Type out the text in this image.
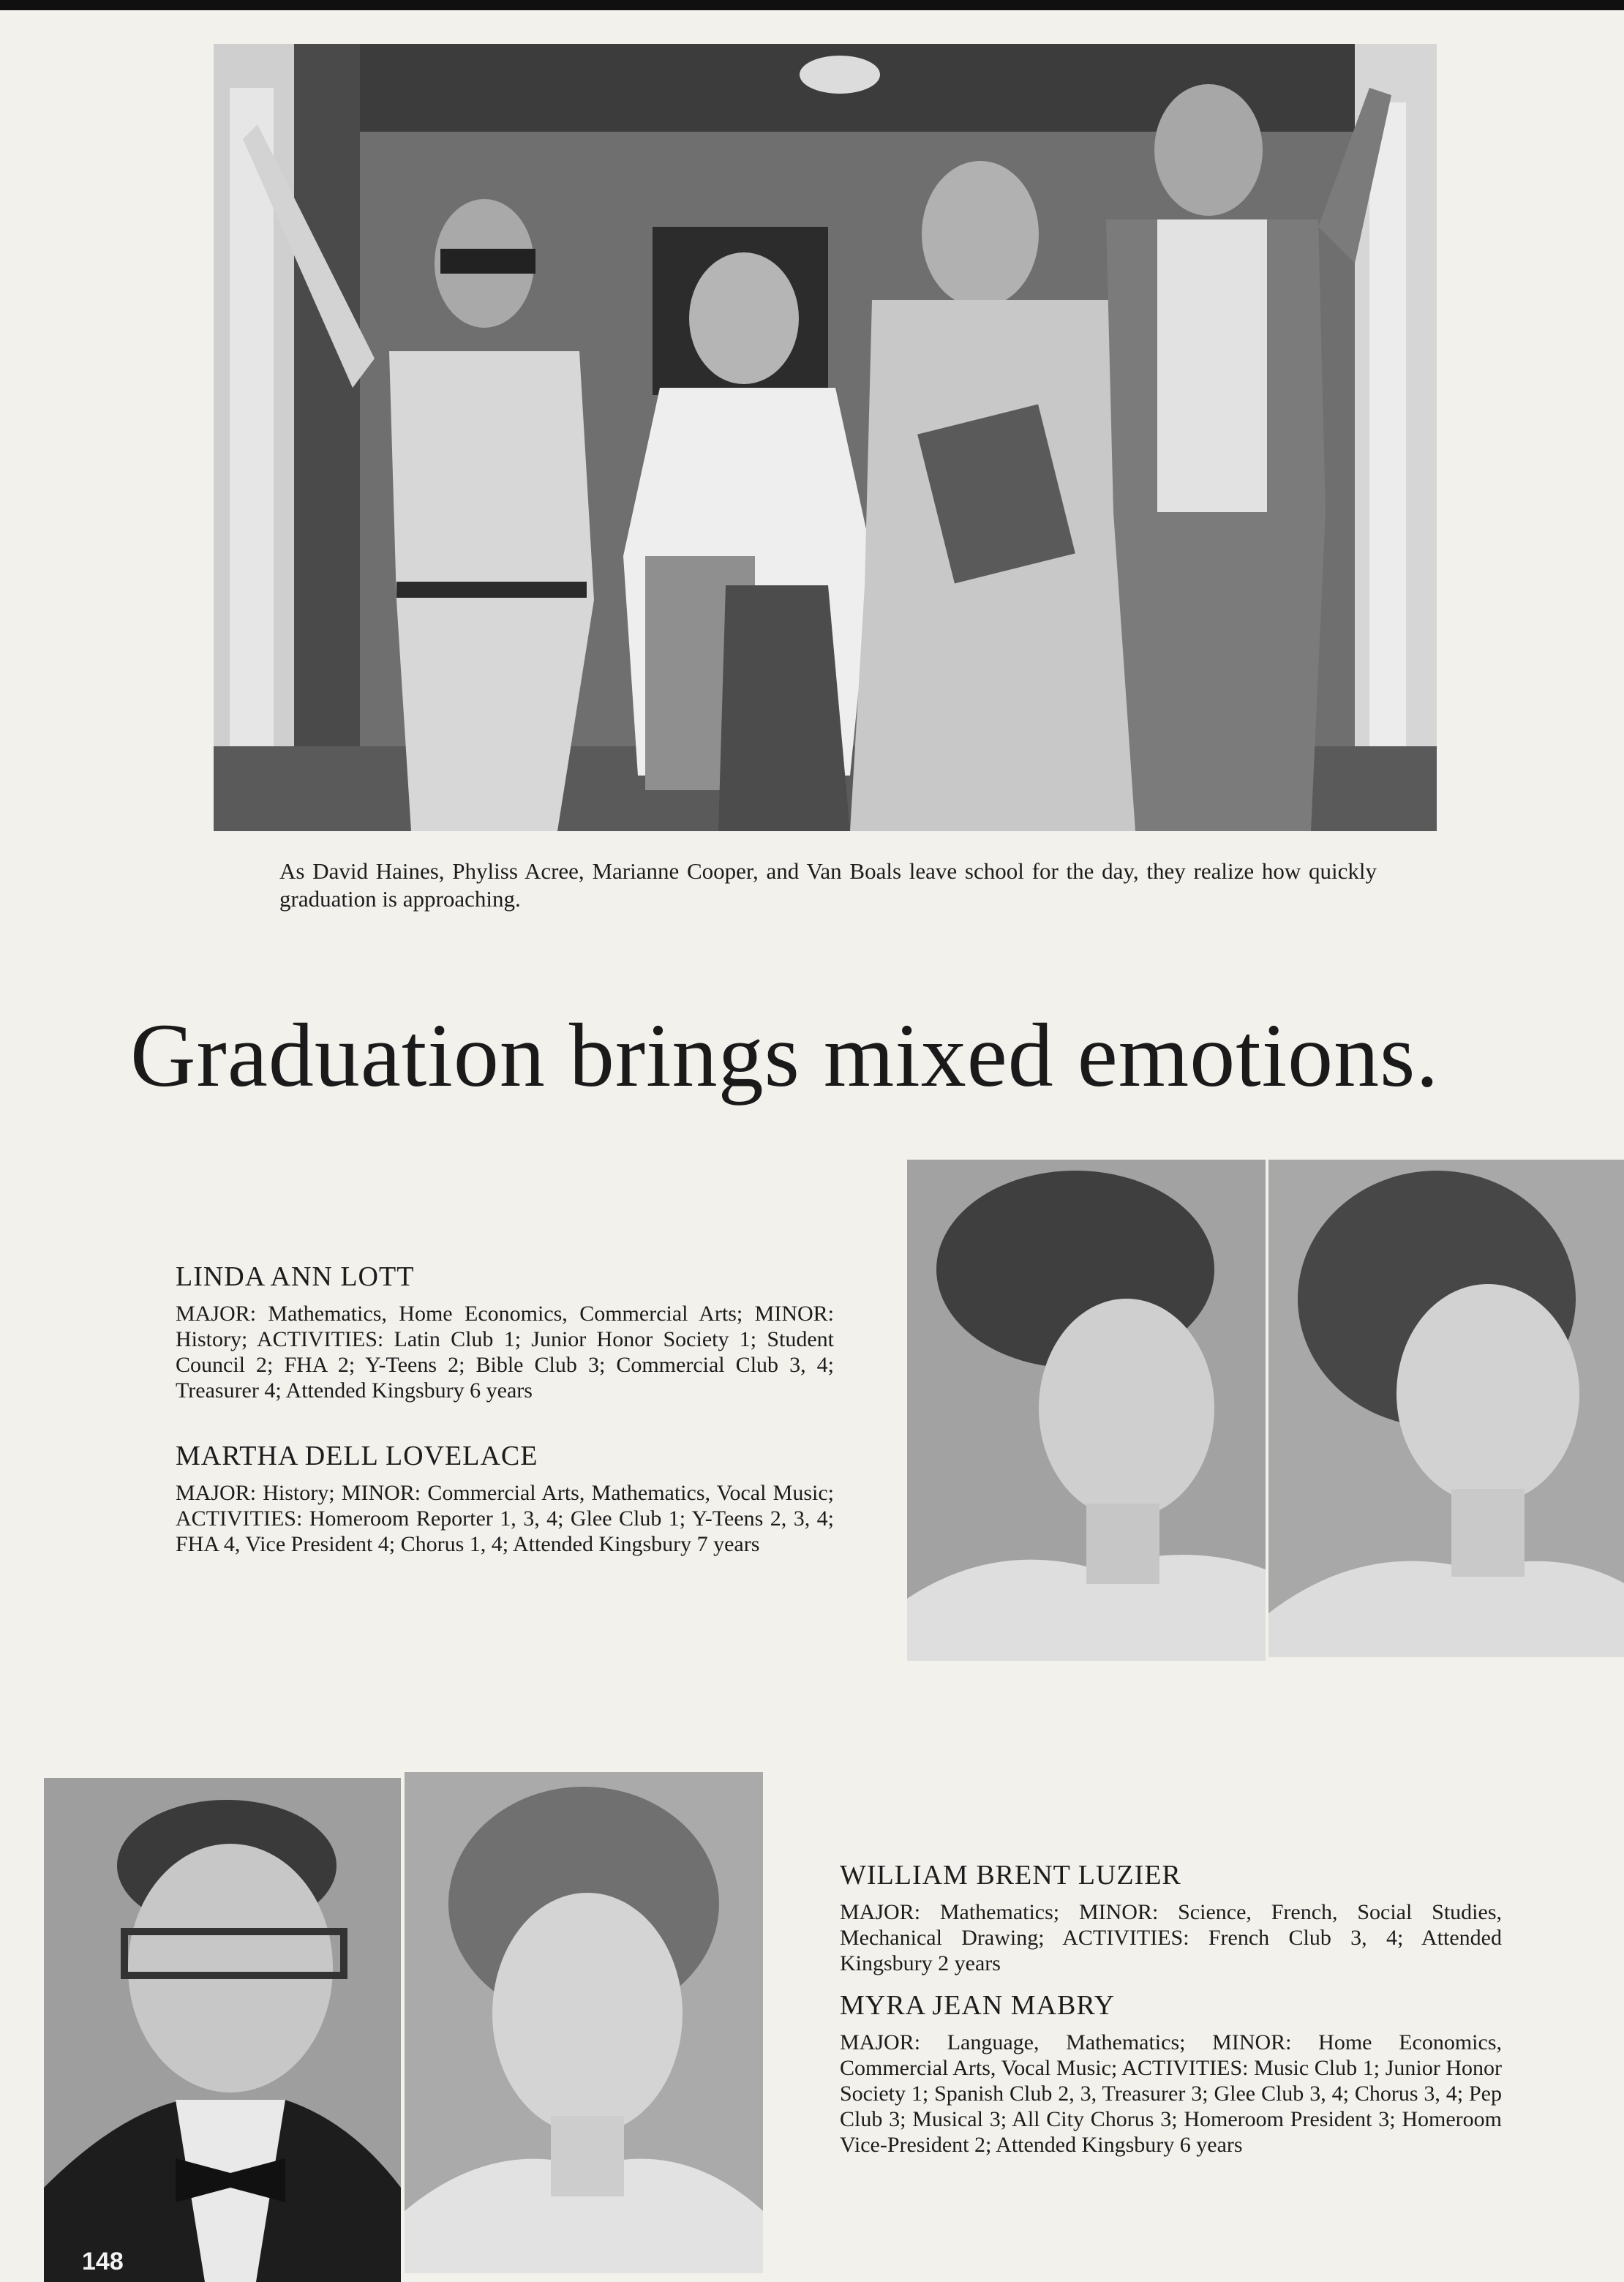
As David Haines, Phyliss Acree, Marianne Cooper, and Van Boals leave school for the day, they realize how quickly graduation is approaching.
Graduation brings mixed emotions.

LINDA ANN LOTT

MAJOR: Mathematics, Home Economics, Commercial Arts; MINOR: History; ACTIVITIES: Latin Club 1; Junior Honor Society 1; Student Council 2; FHA 2; Y-Teens 2; Bible Club 3; Commercial Club 3, 4; Treasurer 4; Attended Kingsbury 6 years

MARTHA DELL LOVELACE

MAJOR: History; MINOR: Commercial Arts, Mathematics, Vocal Music; ACTIVITIES: Homeroom Reporter 1, 3, 4; Glee Club 1; Y-Teens 2, 3, 4; FHA 4, Vice President 4; Chorus 1, 4; Attended Kingsbury 7 years

WILLIAM BRENT LUZIER

MAJOR: Mathematics; MINOR: Science, French, Social Studies, Mechanical Drawing; ACTIVITIES: French Club 3, 4; Attended Kingsbury 2 years

MYRA JEAN MABRY

MAJOR: Language, Mathematics; MINOR: Home Economics, Commercial Arts, Vocal Music; ACTIVITIES: Music Club 1; Junior Honor Society 1; Spanish Club 2, 3, Treasurer 3; Glee Club 3, 4; Chorus 3, 4; Pep Club 3; Musical 3; All City Chorus 3; Homeroom President 3; Homeroom Vice-President 2; Attended Kingsbury 6 years

148
